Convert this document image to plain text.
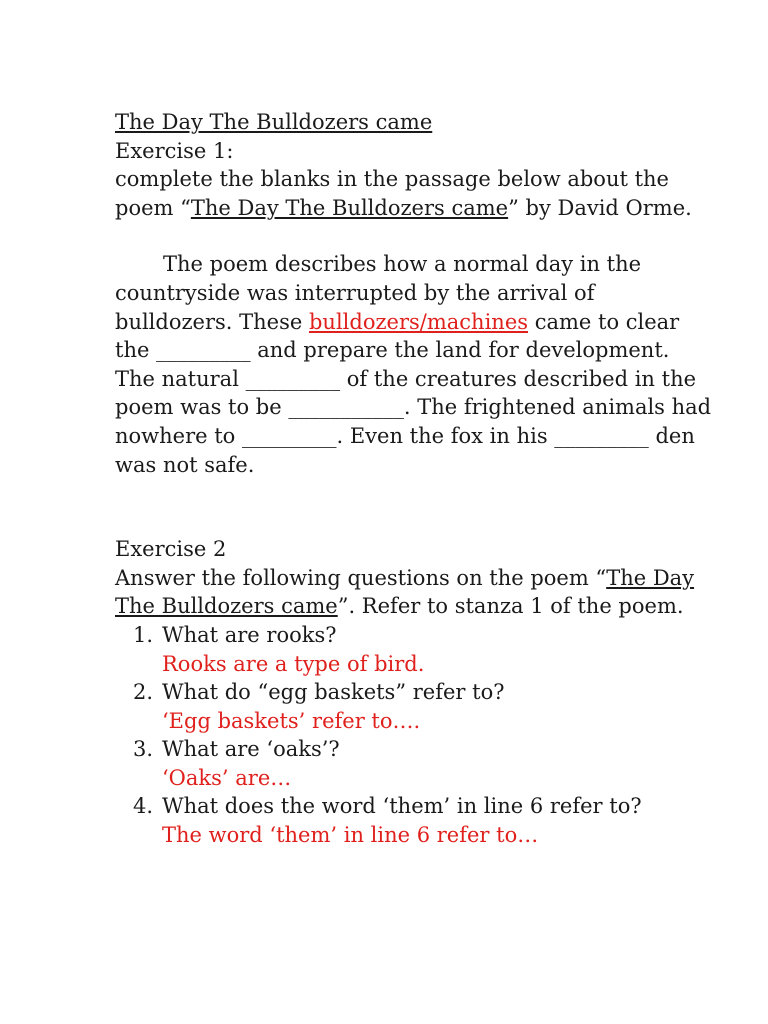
The Day The Bulldozers came

Exercise 1:

complete the blanks in the passage below about the poem “The Day The Bulldozers came” by David Orme.

The poem describes how a normal day in the countryside was interrupted by the arrival of bulldozers. These bulldozers/machines came to clear the _________ and prepare the land for development. The natural _________ of the creatures described in the poem was to be ___________. The frightened animals had nowhere to _________. Even the fox in his _________ den was not safe.

Exercise 2

Answer the following questions on the poem “The Day The Bulldozers came”. Refer to stanza 1 of the poem.

1. What are rooks?
Rooks are a type of bird.
2. What do “egg baskets” refer to?
‘Egg baskets’ refer to….
3. What are ‘oaks’?
‘Oaks’ are…
4. What does the word ‘them’ in line 6 refer to?
The word ‘them’ in line 6 refer to…
